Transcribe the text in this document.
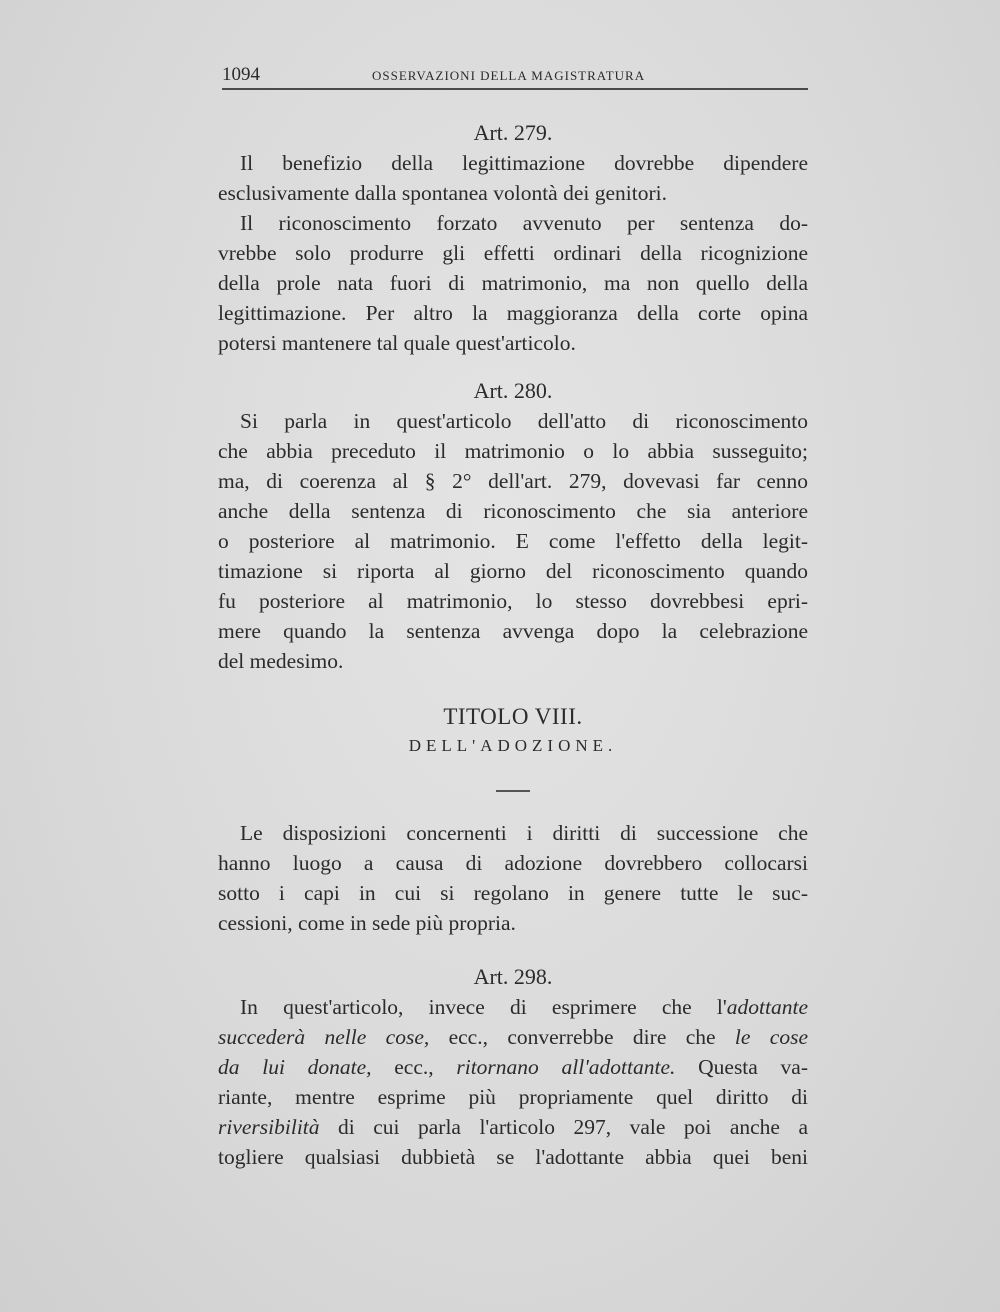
1094	OSSERVAZIONI DELLA MAGISTRATURA

Art. 279.

Il benefizio della legittimazione dovrebbe dipendere
esclusivamente dalla spontanea volontà dei genitori.
Il riconoscimento forzato avvenuto per sentenza do-
vrebbe solo produrre gli effetti ordinari della ricognizione
della prole nata fuori di matrimonio, ma non quello della
legittimazione. Per altro la maggioranza della corte opina
potersi mantenere tal quale quest'articolo.

Art. 280.

Si parla in quest'articolo dell'atto di riconoscimento
che abbia preceduto il matrimonio o lo abbia susseguito;
ma, di coerenza al § 2° dell'art. 279, dovevasi far cenno
anche della sentenza di riconoscimento che sia anteriore
o posteriore al matrimonio. E come l'effetto della legit-
timazione si riporta al giorno del riconoscimento quando
fu posteriore al matrimonio, lo stesso dovrebbesi epri-
mere quando la sentenza avvenga dopo la celebrazione
del medesimo.
TITOLO VIII.
DELL'ADOZIONE.
Le disposizioni concernenti i diritti di successione che
hanno luogo a causa di adozione dovrebbero collocarsi
sotto i capi in cui si regolano in genere tutte le suc-
cessioni, come in sede più propria.

Art. 298.

In quest'articolo, invece di esprimere che l'adottante
succederà nelle cose, ecc., converrebbe dire che le cose
da lui donate, ecc., ritornano all'adottante. Questa va-
riante, mentre esprime più propriamente quel diritto di
riversibilità di cui parla l'articolo 297, vale poi anche a
togliere qualsiasi dubbietà se l'adottante abbia quei beni
